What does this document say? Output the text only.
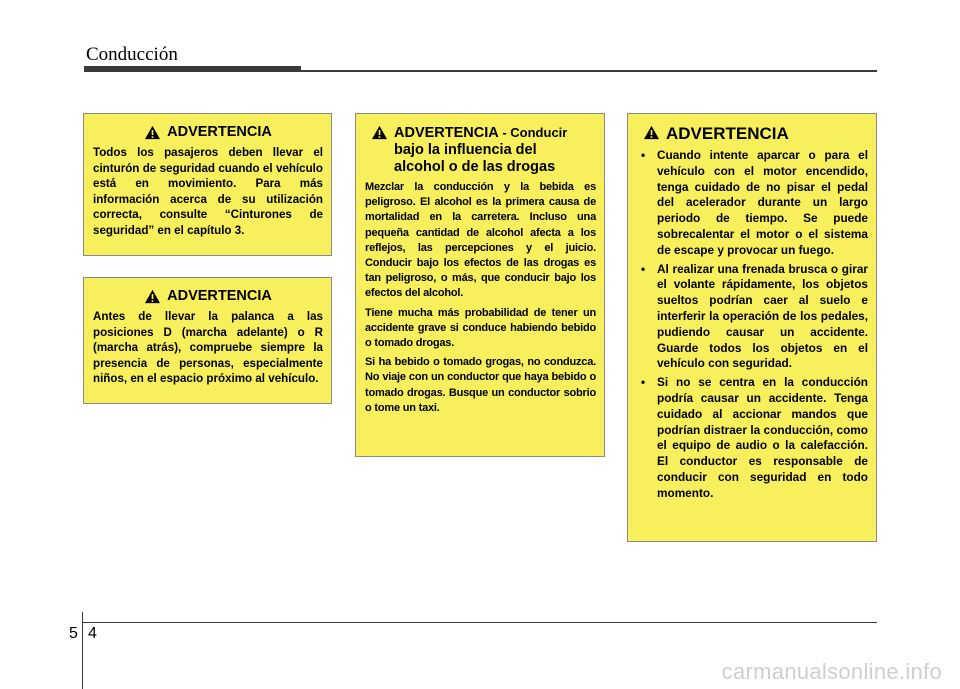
Conducción
ADVERTENCIA
Todos los pasajeros deben llevar el cinturón de seguridad cuando el vehículo está en movimiento. Para más información acerca de su utilización correcta, consulte “Cinturones de seguridad” en el capítulo 3.
ADVERTENCIA
Antes de llevar la palanca a las posiciones D (marcha adelante) o R (marcha atrás), compruebe siempre la presencia de personas, especialmente niños, en el espacio próximo al vehículo.
ADVERTENCIA - Conducir
bajo la influencia del
alcohol o de las drogas
Mezclar la conducción y la bebida es peligroso. El alcohol es la primera causa de mortalidad en la carretera. Incluso una pequeña cantidad de alcohol afecta a los reflejos, las percepciones y el juicio. Conducir bajo los efectos de las drogas es tan peligroso, o más, que conducir bajo los efectos del alcohol.
Tiene mucha más probabilidad de tener un accidente grave si conduce habiendo bebido o tomado drogas.
Si ha bebido o tomado grogas, no conduzca. No viaje con un conductor que haya bebido o tomado drogas. Busque un conductor sobrio o tome un taxi.
ADVERTENCIA
• Cuando intente aparcar o para el vehículo con el motor encendido, tenga cuidado de no pisar el pedal del acelerador durante un largo periodo de tiempo. Se puede sobrecalentar el motor o el sistema de escape y provocar un fuego.
• Al realizar una frenada brusca o girar el volante rápidamente, los objetos sueltos podrían caer al suelo e interferir la operación de los pedales, pudiendo causar un accidente. Guarde todos los objetos en el vehículo con seguridad.
• Si no se centra en la conducción podría causar un accidente. Tenga cuidado al accionar mandos que podrían distraer la conducción, como el equipo de audio o la calefacción. El conductor es responsable de conducir con seguridad en todo momento.
5 4
carmanualsonline.info
